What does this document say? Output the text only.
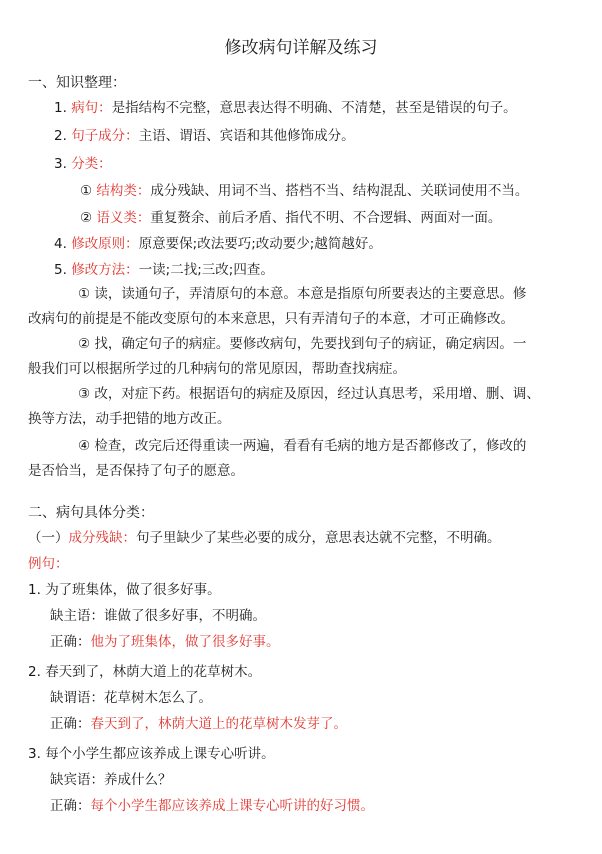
修改病句详解及练习
一、知识整理：
1. 病句：是指结构不完整，意思表达得不明确、不清楚，甚至是错误的句子。
2. 句子成分：主语、谓语、宾语和其他修饰成分。
3. 分类：
① 结构类：成分残缺、用词不当、搭档不当、结构混乱、关联词使用不当。
② 语义类：重复赘余、前后矛盾、指代不明、不合逻辑、两面对一面。
4. 修改原则：原意要保;改法要巧;改动要少;越简越好。
5. 修改方法：一读;二找;三改;四查。
① 读，读通句子，弄清原句的本意。本意是指原句所要表达的主要意思。修
改病句的前提是不能改变原句的本来意思，只有弄清句子的本意，才可正确修改。
② 找，确定句子的病症。要修改病句，先要找到句子的病证，确定病因。一
般我们可以根据所学过的几种病句的常见原因，帮助查找病症。
③ 改，对症下药。根据语句的病症及原因，经过认真思考，采用增、删、调、
换等方法，动手把错的地方改正。
④ 检查，改完后还得重读一两遍，看看有毛病的地方是否都修改了，修改的
是否恰当，是否保持了句子的愿意。
二、病句具体分类：
（一）成分残缺：句子里缺少了某些必要的成分，意思表达就不完整，不明确。
例句：
1. 为了班集体，做了很多好事。
缺主语：谁做了很多好事，不明确。
正确：他为了班集体，做了很多好事。
2. 春天到了，林荫大道上的花草树木。
缺谓语：花草树木怎么了。
正确：春天到了，林荫大道上的花草树木发芽了。
3. 每个小学生都应该养成上课专心听讲。
缺宾语：养成什么？
正确：每个小学生都应该养成上课专心听讲的好习惯。
